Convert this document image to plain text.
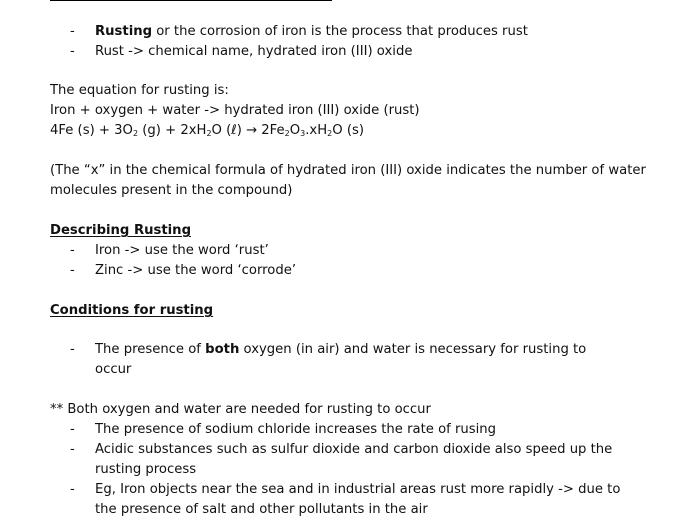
-	Rusting or the corrosion of iron is the process that produces rust
-	Rust -> chemical name, hydrated iron (III) oxide
The equation for rusting is:
Iron + oxygen + water -> hydrated iron (III) oxide (rust)
4Fe $(s) + 3O_2$ $(g) + 2xH_2O$ (ℓ) → $2Fe_2O_3.xH_2O$ (s)
(The “x” in the chemical formula of hydrated iron (III) oxide indicates the number of water molecules present in the compound)
Describing Rusting
-	Iron -> use the word ‘rust’
-	Zinc -> use the word ‘corrode’
Conditions for rusting
-	The presence of both oxygen (in air) and water is necessary for rusting to occur
** Both oxygen and water are needed for rusting to occur
-	The presence of sodium chloride increases the rate of rusing
-	Acidic substances such as sulfur dioxide and carbon dioxide also speed up the rusting process
-	Eg, Iron objects near the sea and in industrial areas rust more rapidly -> due to the presence of salt and other pollutants in the air
